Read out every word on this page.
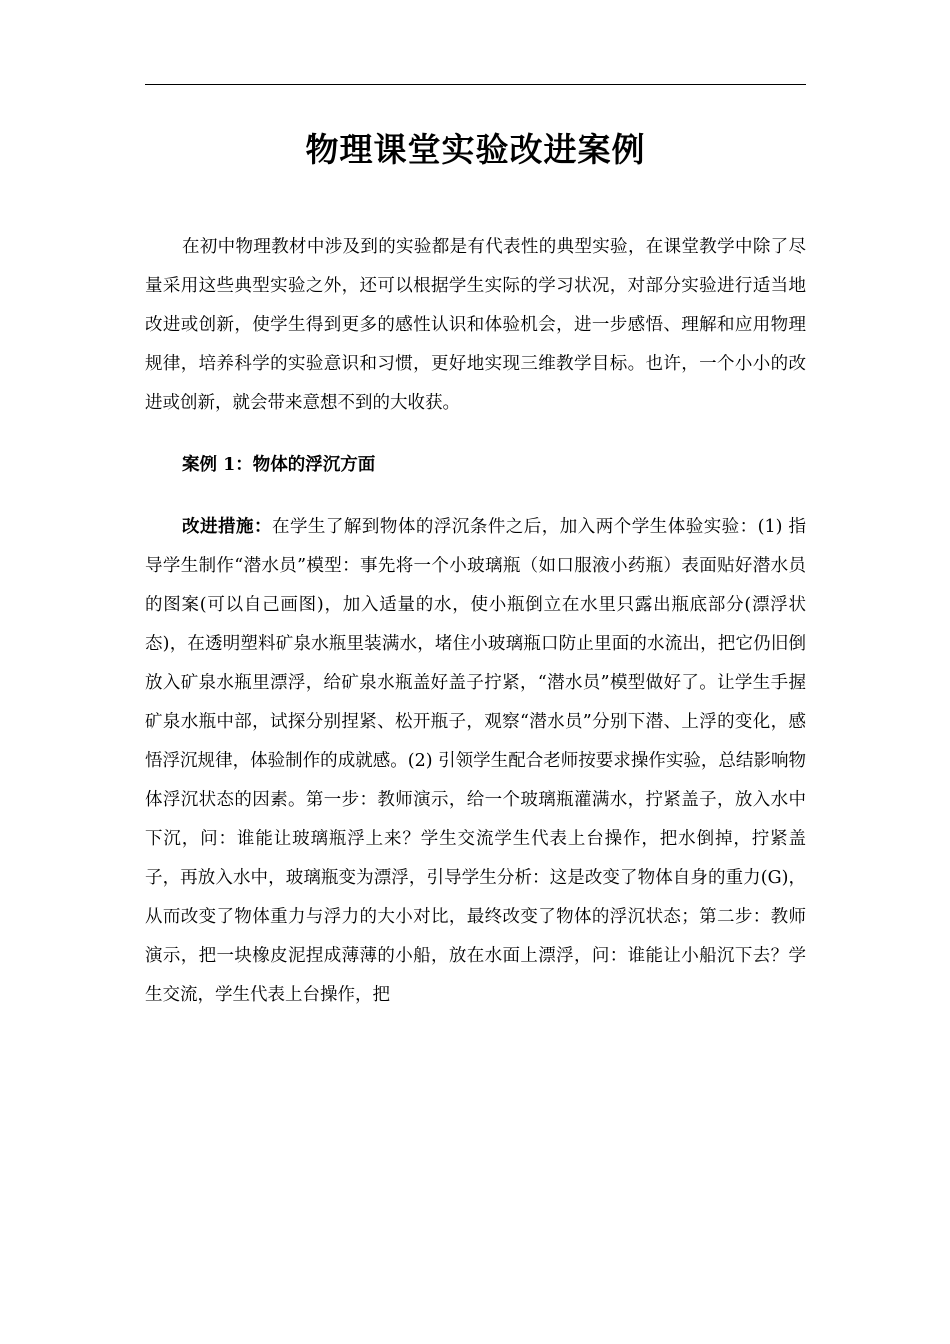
物理课堂实验改进案例

在初中物理教材中涉及到的实验都是有代表性的典型实验，在课堂教学中除了尽量采用这些典型实验之外，还可以根据学生实际的学习状况，对部分实验进行适当地改进或创新，使学生得到更多的感性认识和体验机会，进一步感悟、理解和应用物理规律，培养科学的实验意识和习惯，更好地实现三维教学目标。也许，一个小小的改进或创新，就会带来意想不到的大收获。

案例 1：物体的浮沉方面

改进措施：在学生了解到物体的浮沉条件之后，加入两个学生体验实验：(1) 指导学生制作“潜水员”模型：事先将一个小玻璃瓶（如口服液小药瓶）表面贴好潜水员的图案(可以自己画图)，加入适量的水，使小瓶倒立在水里只露出瓶底部分(漂浮状态)，在透明塑料矿泉水瓶里装满水，堵住小玻璃瓶口防止里面的水流出，把它仍旧倒放入矿泉水瓶里漂浮，给矿泉水瓶盖好盖子拧紧，“潜水员”模型做好了。让学生手握矿泉水瓶中部，试探分别捏紧、松开瓶子，观察“潜水员”分别下潜、上浮的变化，感悟浮沉规律，体验制作的成就感。(2) 引领学生配合老师按要求操作实验，总结影响物体浮沉状态的因素。第一步：教师演示，给一个玻璃瓶灌满水，拧紧盖子，放入水中下沉，问：谁能让玻璃瓶浮上来？学生交流学生代表上台操作，把水倒掉，拧紧盖子，再放入水中，玻璃瓶变为漂浮，引导学生分析：这是改变了物体自身的重力(G)，从而改变了物体重力与浮力的大小对比，最终改变了物体的浮沉状态；第二步：教师演示，把一块橡皮泥捏成薄薄的小船，放在水面上漂浮，问：谁能让小船沉下去？学生交流，学生代表上台操作，把
